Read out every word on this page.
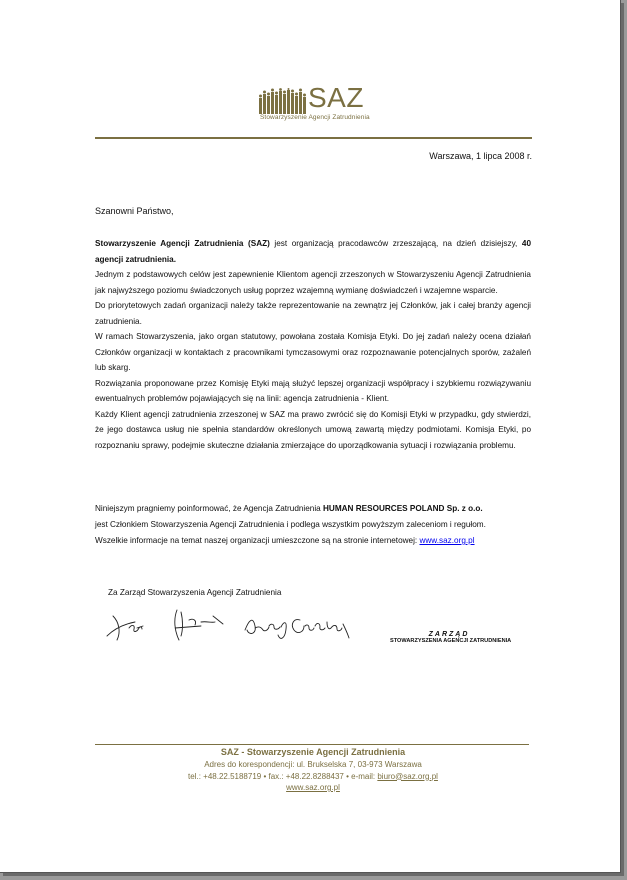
SAZ
Stowarzyszenie Agencji Zatrudnienia
Warszawa, 1 lipca 2008 r.
Szanowni Państwo,

Stowarzyszenie Agencji Zatrudnienia (SAZ) jest organizacją pracodawców zrzeszającą, na dzień dzisiejszy, 40 agencji zatrudnienia.

Jednym z podstawowych celów jest zapewnienie Klientom agencji zrzeszonych w Stowarzyszeniu Agencji Zatrudnienia jak najwyższego poziomu świadczonych usług poprzez wzajemną wymianę doświadczeń i wzajemne wsparcie.

Do priorytetowych zadań organizacji należy także reprezentowanie na zewnątrz jej Członków, jak i całej branży agencji zatrudnienia.

W ramach Stowarzyszenia, jako organ statutowy, powołana została Komisja Etyki. Do jej zadań należy ocena działań Członków organizacji w kontaktach z pracownikami tymczasowymi oraz rozpoznawanie potencjalnych sporów, zażaleń lub skarg.

Rozwiązania proponowane przez Komisję Etyki mają służyć lepszej organizacji współpracy i szybkiemu rozwiązywaniu ewentualnych problemów pojawiających się na linii: agencja zatrudnienia - Klient.

Każdy Klient agencji zatrudnienia zrzeszonej w SAZ ma prawo zwrócić się do Komisji Etyki w przypadku, gdy stwierdzi, że jego dostawca usług nie spełnia standardów określonych umową zawartą między podmiotami. Komisja Etyki, po rozpoznaniu sprawy, podejmie skuteczne działania zmierzające do uporządkowania sytuacji i rozwiązania problemu.

Niniejszym pragniemy poinformować, że Agencja Zatrudnienia HUMAN RESOURCES POLAND Sp. z o.o.

jest Członkiem Stowarzyszenia Agencji Zatrudnienia i podlega wszystkim powyższym zaleceniom i regułom.

Wszelkie informacje na temat naszej organizacji umieszczone są na stronie internetowej: www.saz.org.pl

Za Zarząd Stowarzyszenia Agencji Zatrudnienia
ZARZĄD
STOWARZYSZENIA AGENCJI ZATRUDNIENIA
SAZ - Stowarzyszenie Agencji Zatrudnienia
Adres do korespondencji: ul. Brukselska 7, 03-973 Warszawa
tel.: +48.22.5188719 • fax.: +48.22.8288437 • e-mail: biuro@saz.org.pl
www.saz.org.pl
